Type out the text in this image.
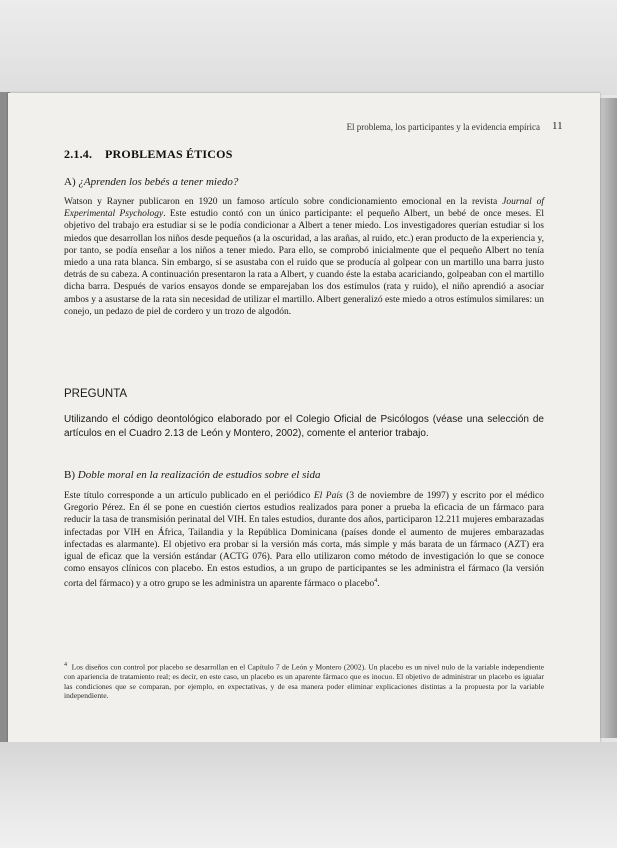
El problema, los participantes y la evidencia empírica 11
2.1.4. PROBLEMAS ÉTICOS
A) ¿Aprenden los bebés a tener miedo?

Watson y Rayner publicaron en 1920 un famoso artículo sobre condicionamiento emocional en la revista Journal of Experimental Psychology. Este estudio contó con un único participante: el pequeño Albert, un bebé de once meses. El objetivo del trabajo era estudiar si se le podía condicionar a Albert a tener miedo. Los investigadores querían estudiar si los miedos que desarrollan los niños desde pequeños (a la oscuridad, a las arañas, al ruido, etc.) eran producto de la experiencia y, por tanto, se podía enseñar a los niños a tener miedo. Para ello, se comprobó inicialmente que el pequeño Albert no tenía miedo a una rata blanca. Sin embargo, sí se asustaba con el ruido que se producía al golpear con un martillo una barra justo detrás de su cabeza. A continuación presentaron la rata a Albert, y cuando éste la estaba acariciando, golpeaban con el martillo dicha barra. Después de varios ensayos donde se emparejaban los dos estímulos (rata y ruido), el niño aprendió a asociar ambos y a asustarse de la rata sin necesidad de utilizar el martillo. Albert generalizó este miedo a otros estímulos similares: un conejo, un pedazo de piel de cordero y un trozo de algodón.

PREGUNTA

Utilizando el código deontológico elaborado por el Colegio Oficial de Psicólogos (véase una selección de artículos en el Cuadro 2.13 de León y Montero, 2002), comente el anterior trabajo.

B) Doble moral en la realización de estudios sobre el sida

Este título corresponde a un artículo publicado en el periódico El País (3 de noviembre de 1997) y escrito por el médico Gregorio Pérez. En él se pone en cuestión ciertos estudios realizados para poner a prueba la eficacia de un fármaco para reducir la tasa de transmisión perinatal del VIH. En tales estudios, durante dos años, participaron 12.211 mujeres embarazadas infectadas por VIH en África, Tailandia y la República Dominicana (países donde el aumento de mujeres embarazadas infectadas es alarmante). El objetivo era probar si la versión más corta, más simple y más barata de un fármaco (AZT) era igual de eficaz que la versión estándar (ACTG 076). Para ello utilizaron como método de investigación lo que se conoce como ensayos clínicos con placebo. En estos estudios, a un grupo de participantes se les administra el fármaco (la versión corta del fármaco) y a otro grupo se les administra un aparente fármaco o placebo$^4$.

$^4$ Los diseños con control por placebo se desarrollan en el Capítulo 7 de León y Montero (2002). Un placebo es un nivel nulo de la variable independiente con apariencia de tratamiento real; es decir, en este caso, un placebo es un aparente fármaco que es inocuo. El objetivo de administrar un placebo es igualar las condiciones que se comparan, por ejemplo, en expectativas, y de esa manera poder eliminar explicaciones distintas a la propuesta por la variable independiente.
